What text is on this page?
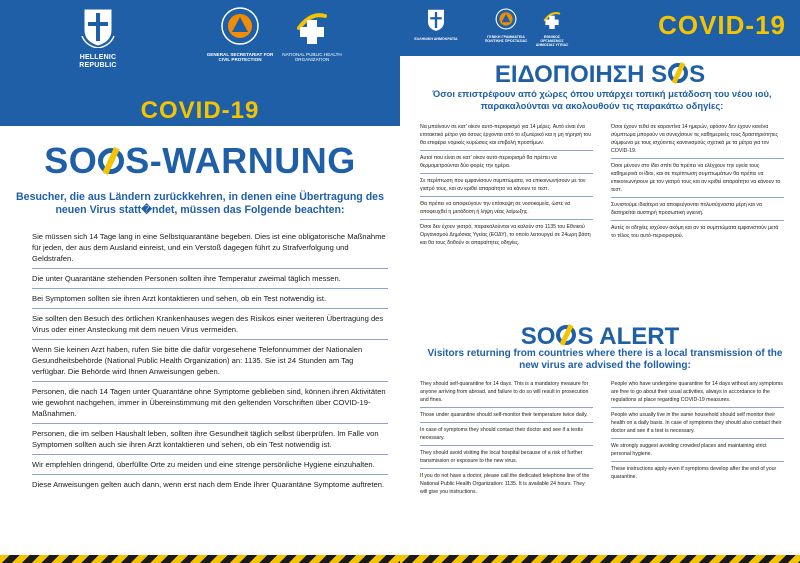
HELLENIC REPUBLIC
GENERAL SECRETARIAT FOR CIVIL PROTECTION
NATIONAL PUBLIC HEALTH ORGANIZATION
COVID-19
SO S-WARNUNG
Besucher, die aus Ländern zurückkehren, in denen eine Übertragung des neuen Virus statt�ndet, müssen das Folgende beachten:
Sie müssen sich 14 Tage lang in eine Selbstquarantäne begeben. Dies ist eine obligatorische Maßnahme für jeden, der aus dem Ausland einreist, und ein Verstoß dagegen führt zu Strafverfolgung und Geldstrafen.
Die unter Quarantäne stehenden Personen sollten ihre Temperatur zweimal täglich messen.
Bei Symptomen sollten sie ihren Arzt kontaktieren und sehen, ob ein Test notwendig ist.
Sie sollten den Besuch des örtlichen Krankenhauses wegen des Risikos einer weiteren Übertragung des Virus oder einer Ansteckung mit dem neuen Virus vermeiden.
Wenn Sie keinen Arzt haben, rufen Sie bitte die dafür vorgesehene Telefonnummer der Nationalen Gesundheitsbehörde (National Public Health Organization) an: 1135. Sie ist 24 Stunden am Tag verfügbar. Die Behörde wird Ihnen Anweisungen geben.
Personen, die nach 14 Tagen unter Quarantäne ohne Symptome geblieben sind, können ihren Aktivitäten wie gewohnt nachgehen, immer in Übereinstimmung mit den geltenden Vorschriften über COVID-19-Maßnahmen.
Personen, die im selben Haushalt leben, sollten ihre Gesundheit täglich selbst überprüfen. Im Falle von Symptomen sollten auch sie ihren Arzt kontaktieren und sehen, ob ein Test notwendig ist.
Wir empfehlen dringend, überfüllte Orte zu meiden und eine strenge persönliche Hygiene einzuhalten.
Diese Anweisungen gelten auch dann, wenn erst nach dem Ende Ihrer Quarantäne Symptome auftreten.
ΕΛΛΗΝΙΚΗ ΔΗΜΟΚΡΑΤΙΑ	ΓΕΝΙΚΗ ΓΡΑΜΜΑΤΕΙΑ ΠΟΛΙΤΙΚΗΣ ΠΡΟΣΤΑΣΙΑΣ
ΕΘΝΙΚΟΣ ΟΡΓΑΝΙΣΜΟΣ ΔΗΜΟΣΙΑΣ ΥΓΕΙΑΣ
COVID-19
ΕΙΔΟΠΟΙΗΣΗ S S
Όσοι επιστρέφουν από χώρες όπου υπάρχει τοπική μετάδοση του νέου ιού, παρακαλούνται να ακολουθούν τις παρακάτω οδηγίες:
Να μπαίνουν σε κατ' οίκον αυτό-περιορισμό για 14 μέρες. Αυτό είναι ένα επιτακτικό μέτρο για όσους έρχονται από το εξωτερικό και η μη τήρησή του θα επιφέρει νομικές κυρώσεις και επιβολή προστίμων.
Αυτοί που είναι σε κατ' οίκον αυτό-περιορισμό θα πρέπει να θερμομετρούνται δύο φορές την ημέρα.
Σε περίπτωση που εμφανίσουν συμπτώματα, να επικοινωνήσουν με τον γιατρό τους, και αν κριθεί απαραίτητο να κάνουν το τεστ.
Θα πρέπει να αποφεύγουν την επίσκεψη σε νοσοκομεία, ώστε να αποφευχθεί η μετάδοση ή λήψη νέας λοίμωξης.
Όσοι δεν έχουν γιατρό, παρακαλούνται να καλούν στο 1135 του Εθνικού Οργανισμού Δημόσιας Υγείας (ΕΟΔΥ), το οποίο λειτουργεί σε 24ωρη βάση και θα τους δοθούν οι απαραίτητες οδηγίες.
Όσοι έχουν τεθεί σε καραντίνα 14 ημερών, εφόσον δεν έχουν κανένα σύμπτωμα μπορούν να συνεχίσουν τις καθημερινές τους δραστηριότητες σύμφωνα με τους ισχύοντες κανονισμούς σχετικά με τα μέτρα για τον COVID-19.
Όσοι μένουν στο ίδιο σπίτι θα πρέπει να ελέγχουν την υγεία τους καθημερινά οι ίδιοι, και σε περίπτωση συμπτωμάτων θα πρέπει να επικοινωνήσουν με τον γιατρό τους και αν κριθεί απαραίτητο να κάνουν το τεστ.
Συνιστούμε ιδιαίτερα να αποφεύγονται πολυσύχναστα μέρη και να διατηρείται αυστηρή προσωπική υγιεινή.
Αυτές οι οδηγίες ισχύουν ακόμη και αν τα συμπτώματα εμφανιστούν μετά το τέλος του αυτό-περιορισμού.
SO S ALERT
Visitors returning from countries where there is a local transmission of the new virus are advised the following:
They should self-quarantine for 14 days. This is a mandatory measure for anyone arriving from abroad, and failure to do so will result in prosecution and fines.
Those under quarantine should self-monitor their temperature twice daily.
In case of symptoms they should contact their doctor and see if a testis necessary.
They should avoid visiting the local hospital because of a risk of further transmission or exposure to the new virus.
If you do not have a doctor, please call the dedicated telephone line of the National Public Health Organization: 1135. It is available 24 hours. They will give you instructions.
People who have undergone quarantine for 14 days without any symptoms are free to go about their usual activities, always in accordance to the regulations at place regarding COVID-19 measures.
People who usually live in the same household should self monitor their health on a daily basis. In case of symptoms they should also contact their doctor and see if a test is necessary.
We strongly suggest avoiding crowded places and maintaining strict personal hygiene.
These instructions apply even if symptoms develop after the end of your quarantine.
